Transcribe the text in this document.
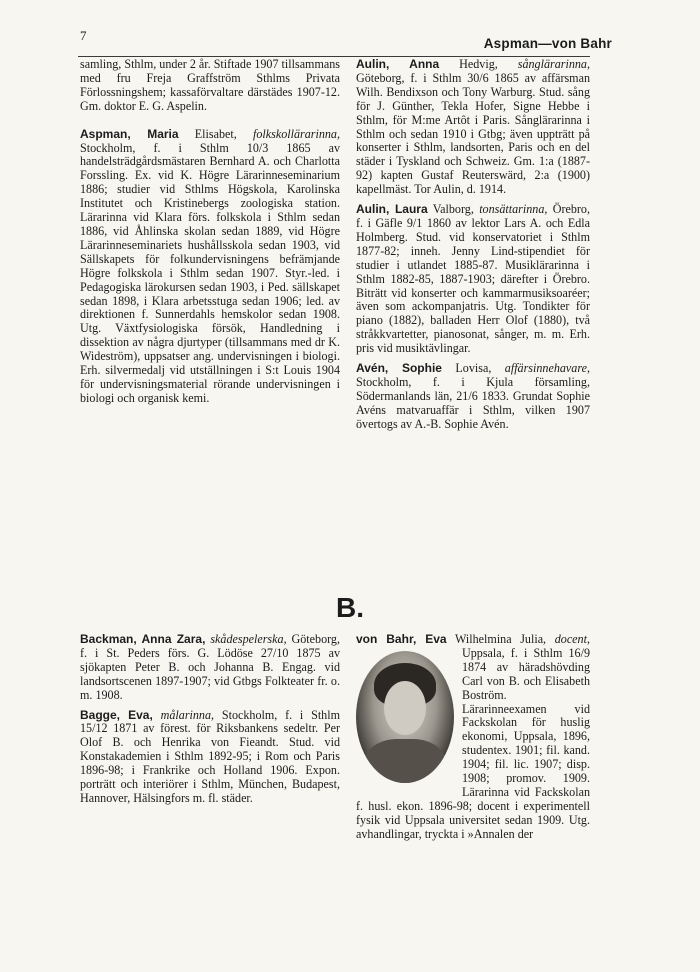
7
Aspman—von Bahr

samling, Sthlm, under 2 år. Stiftade 1907 tillsammans med fru Freja Graffström Sthlms Privata Förlossningshem; kassaförvaltare därstädes 1907-12. Gm. doktor E. G. Aspelin.

Aspman, Maria Elisabet, folkskollärarinna, Stockholm, f. i Sthlm 10/3 1865 av handelsträdgårdsmästaren Bernhard A. och Charlotta Forssling. Ex. vid K. Högre Lärarinneseminarium 1886; studier vid Sthlms Högskola, Karolinska Institutet och Kristinebergs zoologiska station. Lärarinna vid Klara förs. folkskola i Sthlm sedan 1886, vid Åhlinska skolan sedan 1889, vid Högre Lärarinneseminariets hushållsskola sedan 1903, vid Sällskapets för folkundervisningens befrämjande Högre folkskola i Sthlm sedan 1907. Styr.-led. i Pedagogiska lärokursen sedan 1903, i Ped. sällskapet sedan 1898, i Klara arbetsstuga sedan 1906; led. av direktionen f. Sunnerdahls hemskolor sedan 1908. Utg. Växtfysiologiska försök, Handledning i dissektion av några djurtyper (tillsammans med dr K. Wideström), uppsatser ang. undervisningen i biologi. Erh. silvermedalj vid utställningen i S:t Louis 1904 för undervisningsmaterial rörande undervisningen i biologi och organisk kemi.

Aulin, Anna Hedvig, sånglärarinna, Göteborg, f. i Sthlm 30/6 1865 av affärsman Wilh. Bendixson och Tony Warburg. Stud. sång för J. Günther, Tekla Hofer, Signe Hebbe i Sthlm, för M:me Artôt i Paris. Sånglärarinna i Sthlm och sedan 1910 i Gtbg; även uppträtt på konserter i Sthlm, landsorten, Paris och en del städer i Tyskland och Schweiz. Gm. 1:a (1887-92) kapten Gustaf Reuterswärd, 2:a (1900) kapellmäst. Tor Aulin, d. 1914.

Aulin, Laura Valborg, tonsättarinna, Örebro, f. i Gäfle 9/1 1860 av lektor Lars A. och Edla Holmberg. Stud. vid konservatoriet i Sthlm 1877-82; inneh. Jenny Lind-stipendiet för studier i utlandet 1885-87. Musiklärarinna i Sthlm 1882-85, 1887-1903; därefter i Örebro. Biträtt vid konserter och kammarmusiksoaréer; även som ackompanjatris. Utg. Tondikter för piano (1882), balladen Herr Olof (1880), två stråkkvartetter, pianosonat, sånger, m. m. Erh. pris vid musiktävlingar.

Avén, Sophie Lovisa, affärsinnehavare, Stockholm, f. i Kjula församling, Södermanlands län, 21/6 1833. Grundat Sophie Avéns matvaruaffär i Sthlm, vilken 1907 övertogs av A.-B. Sophie Avén.

B.

Backman, Anna Zara, skådespelerska, Göteborg, f. i St. Peders förs. G. Lödöse 27/10 1875 av sjökapten Peter B. och Johanna B. Engag. vid landsortscenen 1897-1907; vid Gtbgs Folkteater fr. o. m. 1908.

Bagge, Eva, målarinna, Stockholm, f. i Sthlm 15/12 1871 av förest. för Riksbankens sedeltr. Per Olof B. och Henrika von Fieandt. Stud. vid Konstakademien i Sthlm 1892-95; i Rom och Paris 1896-98; i Frankrike och Holland 1906. Expon. porträtt och interiörer i Sthlm, München, Budapest, Hannover, Hälsingfors m. fl. städer.

von Bahr, Eva Wilhelmina Julia,
docent, Uppsala, f. i Sthlm 16/9 1874 av häradshövding Carl von B. och Elisabeth Boström. Lärarinneexamen vid Fackskolan för huslig ekonomi, Uppsala, 1896, studentex. 1901; fil. kand. 1904; fil. lic. 1907; disp. 1908; promov. 1909. Lärarinna vid Fackskolan f. husl. ekon. 1896-98; docent i experimentell fysik vid Uppsala universitet sedan 1909. Utg. avhandlingar, tryckta i »Annalen der
